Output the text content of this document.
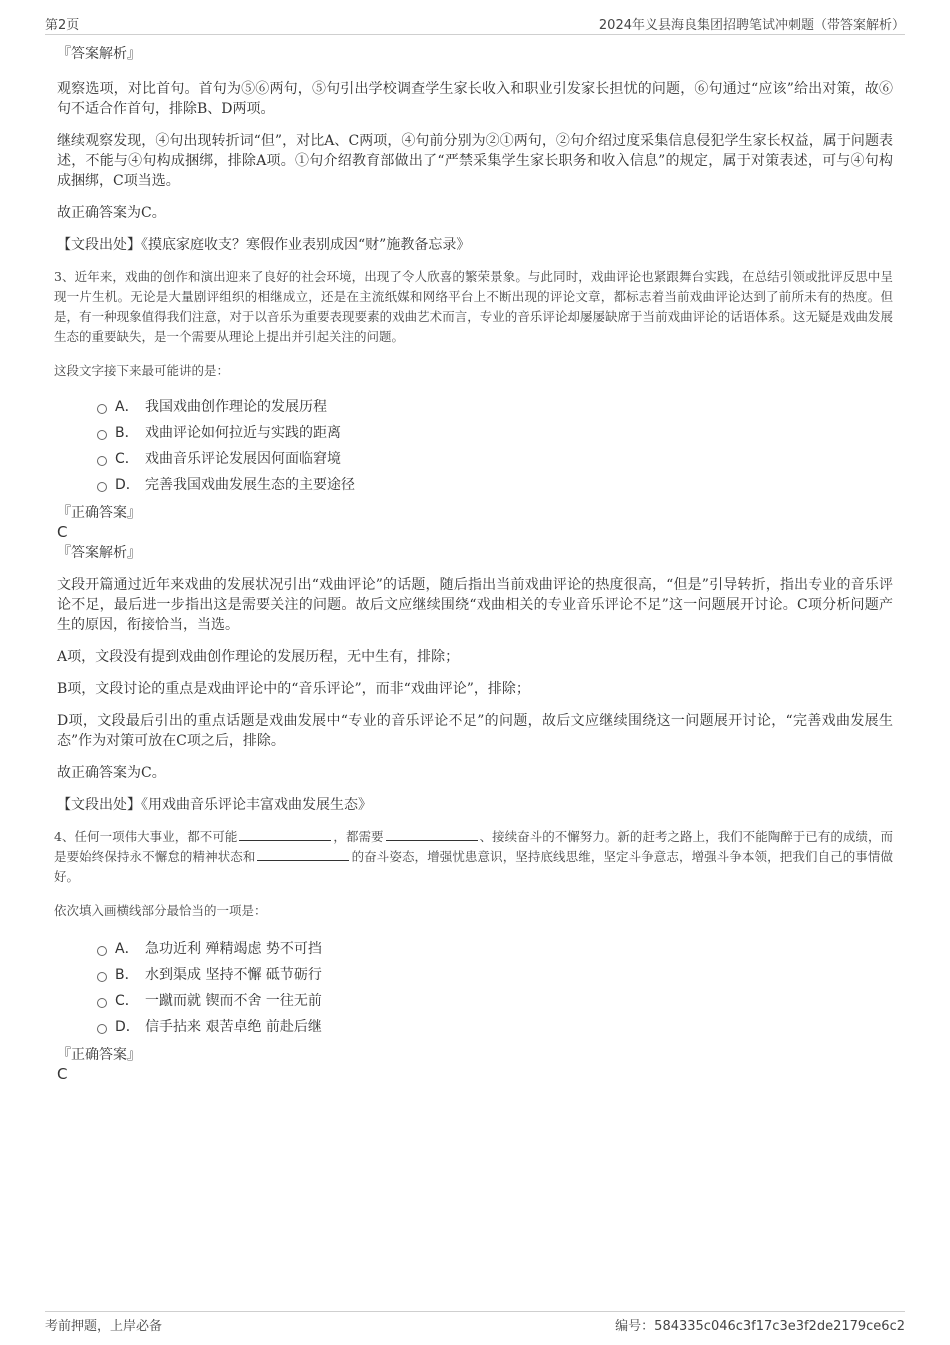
第2页	2024年义县海良集团招聘笔试冲刺题（带答案解析）

『答案解析』

观察选项，对比首句。首句为⑤⑥两句，⑤句引出学校调查学生家长收入和职业引发家长担忧的问题，⑥句通过“应该”给出对策，故⑥句不适合作首句，排除B、D两项。

继续观察发现，④句出现转折词“但”，对比A、C两项，④句前分别为②①两句，②句介绍过度采集信息侵犯学生家长权益，属于问题表述，不能与④句构成捆绑，排除A项。①句介绍教育部做出了“严禁采集学生家长职务和收入信息”的规定，属于对策表述，可与④句构成捆绑，C项当选。

故正确答案为C。

【文段出处】《摸底家庭收支？寒假作业表别成因“财”施教备忘录》

3、近年来，戏曲的创作和演出迎来了良好的社会环境，出现了令人欣喜的繁荣景象。与此同时，戏曲评论也紧跟舞台实践，在总结引领或批评反思中呈现一片生机。无论是大量剧评组织的相继成立，还是在主流纸媒和网络平台上不断出现的评论文章，都标志着当前戏曲评论达到了前所未有的热度。但是，有一种现象值得我们注意，对于以音乐为重要表现要素的戏曲艺术而言，专业的音乐评论却屡屡缺席于当前戏曲评论的话语体系。这无疑是戏曲发展生态的重要缺失，是一个需要从理论上提出并引起关注的问题。

这段文字接下来最可能讲的是：

A． 我国戏曲创作理论的发展历程
B． 戏曲评论如何拉近与实践的距离
C． 戏曲音乐评论发展因何面临窘境
D． 完善我国戏曲发展生态的主要途径

『正确答案』

C

『答案解析』

文段开篇通过近年来戏曲的发展状况引出“戏曲评论”的话题，随后指出当前戏曲评论的热度很高，“但是”引导转折，指出专业的音乐评论不足，最后进一步指出这是需要关注的问题。故后文应继续围绕“戏曲相关的专业音乐评论不足”这一问题展开讨论。C项分析问题产生的原因，衔接恰当，当选。

A项，文段没有提到戏曲创作理论的发展历程，无中生有，排除；

B项，文段讨论的重点是戏曲评论中的“音乐评论”，而非“戏曲评论”，排除；

D项，文段最后引出的重点话题是戏曲发展中“专业的音乐评论不足”的问题，故后文应继续围绕这一问题展开讨论，“完善戏曲发展生态”作为对策可放在C项之后，排除。

故正确答案为C。

【文段出处】《用戏曲音乐评论丰富戏曲发展生态》

4、任何一项伟大事业，都不可能	，都需要	、接续奋斗的不懈努力。新的赶考之路上，我们不能陶醉于已有的成绩，而是要始终保持永不懈怠的精神状态和	的奋斗姿态，增强忧患意识，坚持底线思维，坚定斗争意志，增强斗争本领，把我们自己的事情做好。

依次填入画横线部分最恰当的一项是：

A． 急功近利 殚精竭虑 势不可挡
B． 水到渠成 坚持不懈 砥节砺行
C． 一蹴而就 锲而不舍 一往无前
D． 信手拈来 艰苦卓绝 前赴后继

『正确答案』

C

考前押题，上岸必备	编号：584335c046c3f17c3e3f2de2179ce6c2
